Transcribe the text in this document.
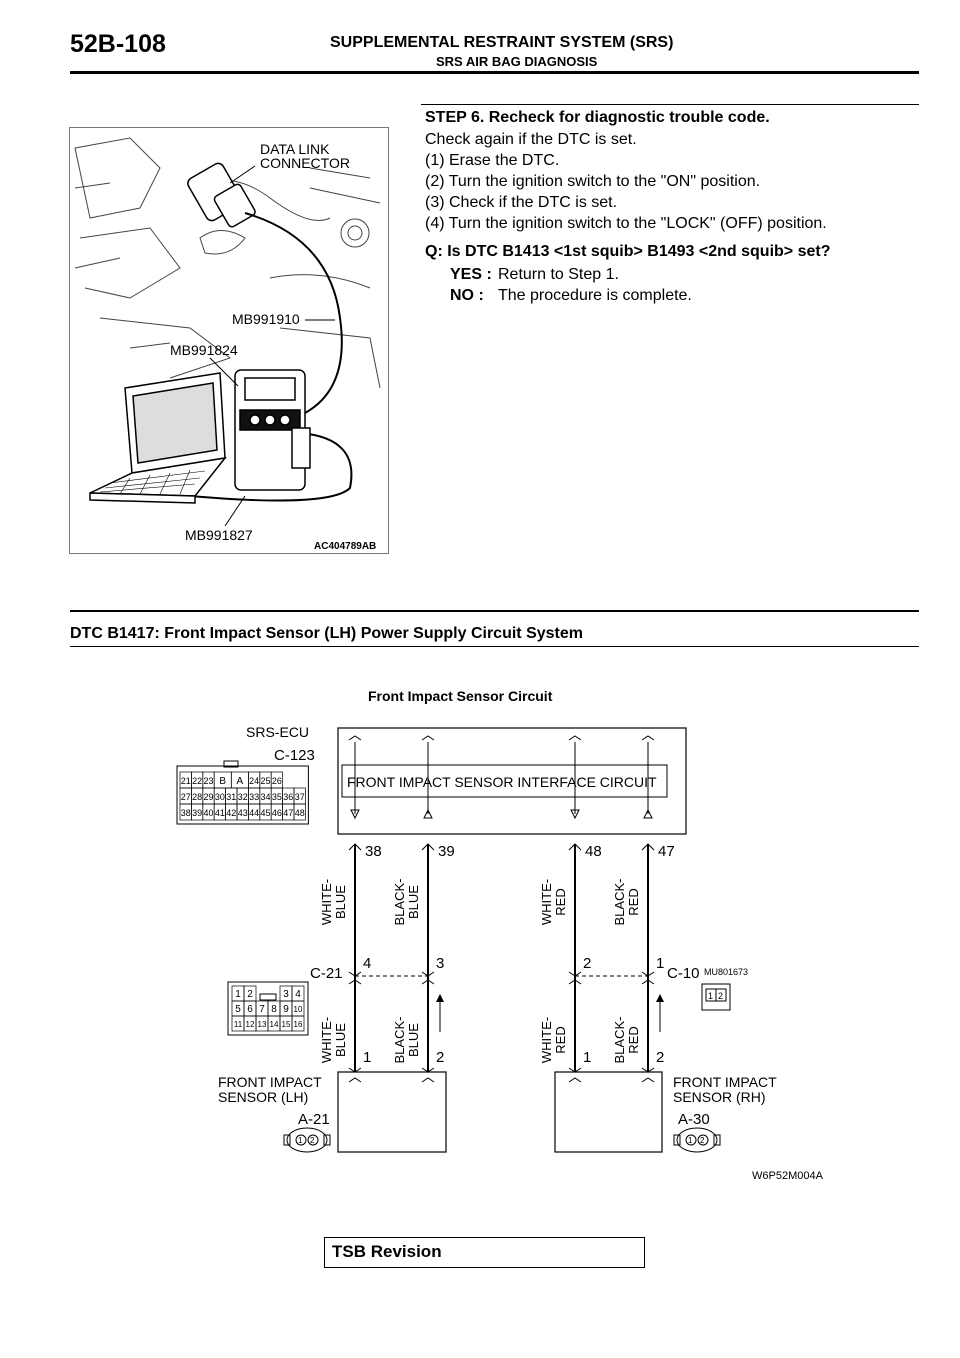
52B-108	SUPPLEMENTAL RESTRAINT SYSTEM (SRS)
SRS AIR BAG DIAGNOSIS
DATA LINK
CONNECTOR
MB991910
MB991824
MB991827
AC404789AB
STEP 6. Recheck for diagnostic trouble code.
Check again if the DTC is set.
(1) Erase the DTC.
(2) Turn the ignition switch to the "ON" position.
(3) Check if the DTC is set.
(4) Turn the ignition switch to the "LOCK" (OFF) position.
Q: Is DTC B1413 <1st squib> B1493 <2nd squib> set?
YES : Return to Step 1.
NO : The procedure is complete.
DTC B1417: Front Impact Sensor (LH) Power Supply Circuit System
Front Impact Sensor Circuit
FRONT IMPACT SENSOR INTERFACE CIRCUIT
SRS-ECU
C-123
21 22 23 B A 24 25 26
27 28 29 30 31 32 33 34 35 36 37
38 39 40 41 42 43 44 45 46 47 48
38
WHITE-
WHITE-
BLUE
BLUE
4
1
39
BLACK-
BLACK-
BLUE
BLUE
3
2
48
WHITE-
WHITE-
RED
RED
2
1
47
BLACK-
BLACK-
RED
RED
1
2
C-21
1 2	3 4
5 6 7 8 9 10
11 12 13 14 15 16
C-10 MU801673
1 2
FRONT IMPACT
SENSOR (LH)
FRONT IMPACT
SENSOR (RH)
A-21	A-30
1 2	1 2
W6P52M004A
TSB Revision
